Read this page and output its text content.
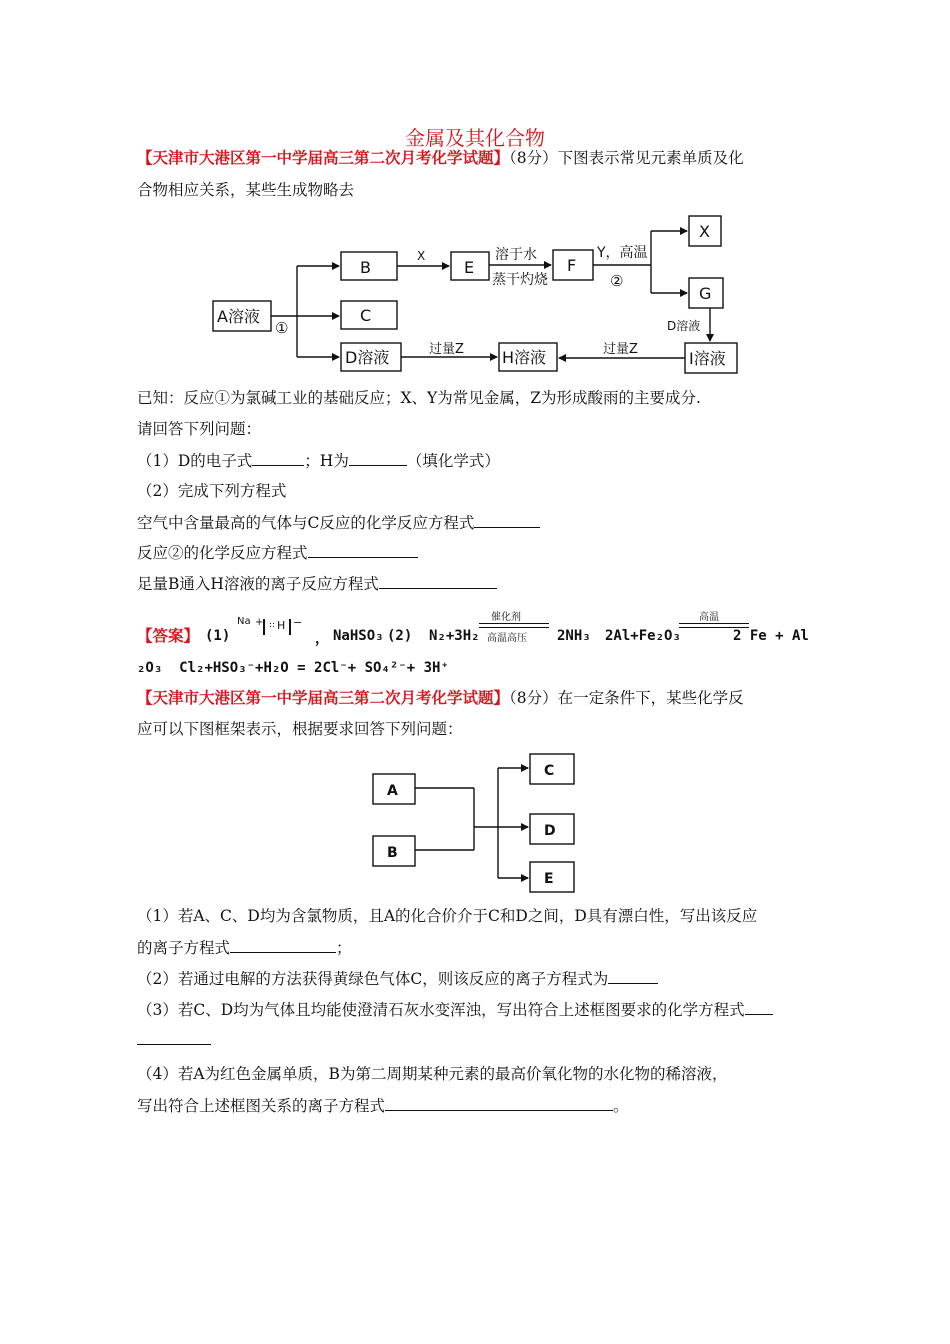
金属及其化合物
【天津市大港区第一中学届高三第二次月考化学试题】（8分）下图表示常见元素单质及化
合物相应关系，某些生成物略去
A溶液
B
C
D溶液
E	F
X
G
I溶液
H溶液
①
②
X	溶于水
蒸干灼烧
Y，高温
D溶液
过量Z	过量Z
已知：反应①为氯碱工业的基础反应；X、Y为常见金属，Z为形成酸雨的主要成分.
请回答下列问题：
（1）D的电子式	；H为	（填化学式）
（2）完成下列方程式
空气中含量最高的气体与C反应的化学反应方程式
反应②的化学反应方程式
足量B通入H溶液的离子反应方程式
【答案】 (1)
Na + :: H −
， NaHSO₃ (2) N₂+3H₂
催化剂
高温高压 2NH₃ 2Al+Fe₂O₃
高温
2 Fe + Al
₂O₃ Cl₂+HSO₃⁻+H₂O = 2Cl⁻+ SO₄²⁻+ 3H⁺
【天津市大港区第一中学届高三第二次月考化学试题】（8分）在一定条件下，某些化学反
应可以下图框架表示，根据要求回答下列问题：
A
B
C
D
E
（1）若A、C、D均为含氯物质，且A的化合价介于C和D之间，D具有漂白性，写出该反应
的离子方程式	；
（2）若通过电解的方法获得黄绿色气体C，则该反应的离子方程式为
（3）若C、D均为气体且均能使澄清石灰水变浑浊，写出符合上述框图要求的化学方程式
（4）若A为红色金属单质，B为第二周期某种元素的最高价氧化物的水化物的稀溶液，
写出符合上述框图关系的离子方程式	。
